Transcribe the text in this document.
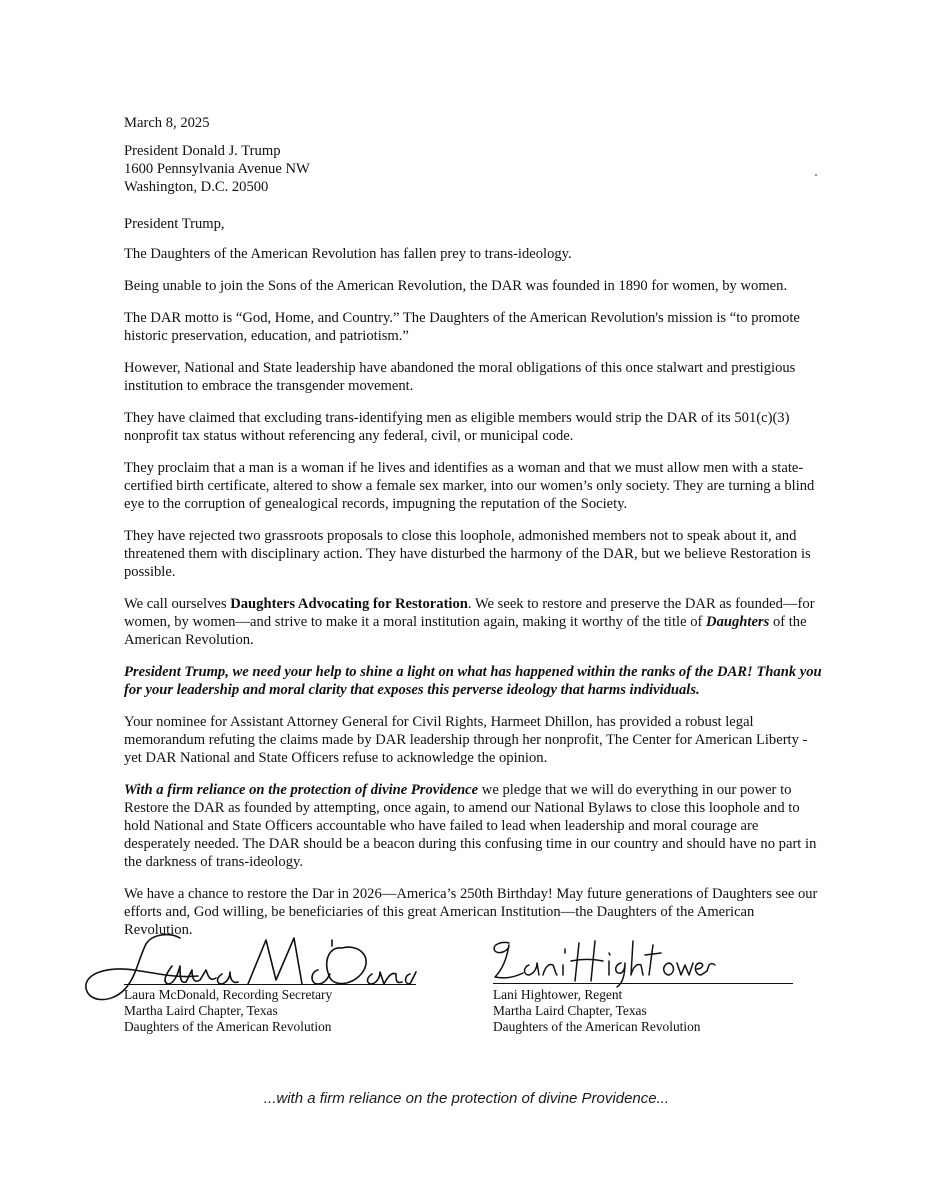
March 8, 2025

President Donald J. Trump
1600 Pennsylvania Avenue NW
Washington, D.C. 20500

President Trump,

The Daughters of the American Revolution has fallen prey to trans-ideology.

Being unable to join the Sons of the American Revolution, the DAR was founded in 1890 for women, by women.

The DAR motto is “God, Home, and Country.” The Daughters of the American Revolution's mission is “to promote historic preservation, education, and patriotism.”

However, National and State leadership have abandoned the moral obligations of this once stalwart and prestigious institution to embrace the transgender movement.

They have claimed that excluding trans-identifying men as eligible members would strip the DAR of its 501(c)(3) nonprofit tax status without referencing any federal, civil, or municipal code.

They proclaim that a man is a woman if he lives and identifies as a woman and that we must allow men with a state-certified birth certificate, altered to show a female sex marker, into our women’s only society. They are turning a blind eye to the corruption of genealogical records, impugning the reputation of the Society.

They have rejected two grassroots proposals to close this loophole, admonished members not to speak about it, and threatened them with disciplinary action. They have disturbed the harmony of the DAR, but we believe Restoration is possible.

We call ourselves Daughters Advocating for Restoration. We seek to restore and preserve the DAR as founded—for women, by women—and strive to make it a moral institution again, making it worthy of the title of Daughters of the American Revolution.

President Trump, we need your help to shine a light on what has happened within the ranks of the DAR! Thank you for your leadership and moral clarity that exposes this perverse ideology that harms individuals.

Your nominee for Assistant Attorney General for Civil Rights, Harmeet Dhillon, has provided a robust legal memorandum refuting the claims made by DAR leadership through her nonprofit, The Center for American Liberty - yet DAR National and State Officers refuse to acknowledge the opinion.

With a firm reliance on the protection of divine Providence we pledge that we will do everything in our power to Restore the DAR as founded by attempting, once again, to amend our National Bylaws to close this loophole and to hold National and State Officers accountable who have failed to lead when leadership and moral courage are desperately needed. The DAR should be a beacon during this confusing time in our country and should have no part in the darkness of trans-ideology.

We have a chance to restore the Dar in 2026—America’s 250th Birthday! May future generations of Daughters see our efforts and, God willing, be beneficiaries of this great American Institution—the Daughters of the American Revolution.

Laura McDonald, Recording Secretary
Martha Laird Chapter, Texas
Daughters of the American Revolution
Lani Hightower, Regent
Martha Laird Chapter, Texas
Daughters of the American Revolution
...with a firm reliance on the protection of divine Providence...
